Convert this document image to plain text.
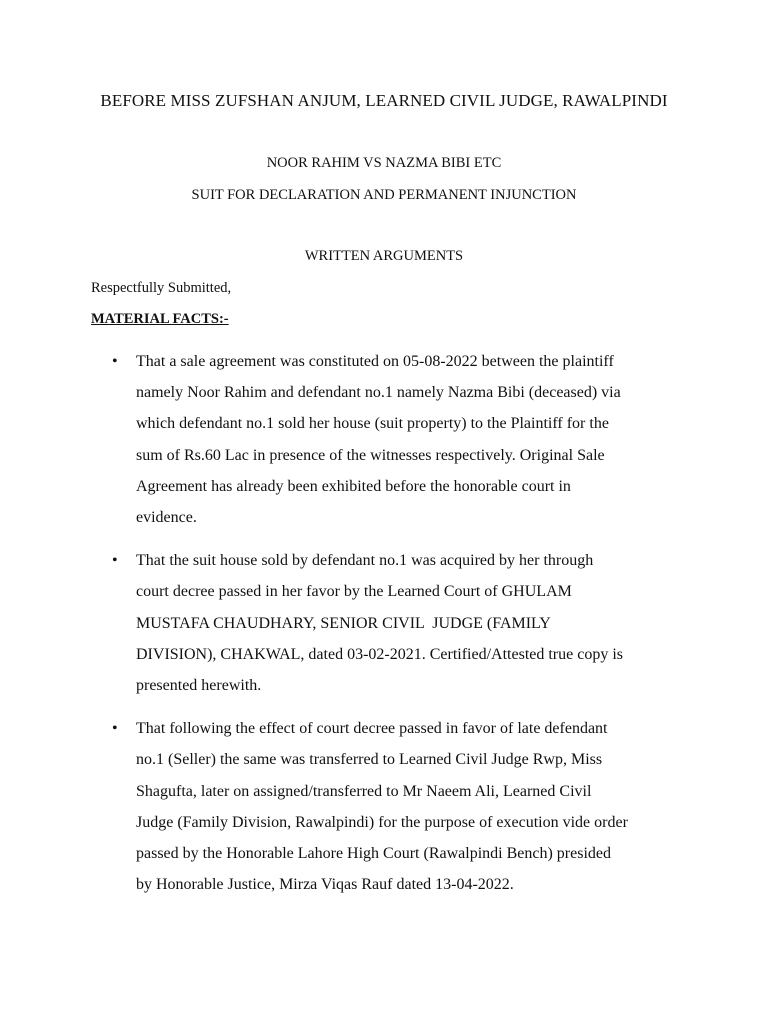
BEFORE MISS ZUFSHAN ANJUM, LEARNED CIVIL JUDGE, RAWALPINDI

NOOR RAHIM VS NAZMA BIBI ETC

SUIT FOR DECLARATION AND PERMANENT INJUNCTION

WRITTEN ARGUMENTS

Respectfully Submitted,

MATERIAL FACTS:-

• That a sale agreement was constituted on 05-08-2022 between the plaintiff
namely Noor Rahim and defendant no.1 namely Nazma Bibi (deceased) via
which defendant no.1 sold her house (suit property) to the Plaintiff for the
sum of Rs.60 Lac in presence of the witnesses respectively. Original Sale
Agreement has already been exhibited before the honorable court in
evidence.
• That the suit house sold by defendant no.1 was acquired by her through
court decree passed in her favor by the Learned Court of GHULAM
MUSTAFA CHAUDHARY, SENIOR CIVIL  JUDGE (FAMILY
DIVISION), CHAKWAL, dated 03-02-2021. Certified/Attested true copy is
presented herewith.
• That following the effect of court decree passed in favor of late defendant
no.1 (Seller) the same was transferred to Learned Civil Judge Rwp, Miss
Shagufta, later on assigned/transferred to Mr Naeem Ali, Learned Civil
Judge (Family Division, Rawalpindi) for the purpose of execution vide order
passed by the Honorable Lahore High Court (Rawalpindi Bench) presided
by Honorable Justice, Mirza Viqas Rauf dated 13-04-2022.
